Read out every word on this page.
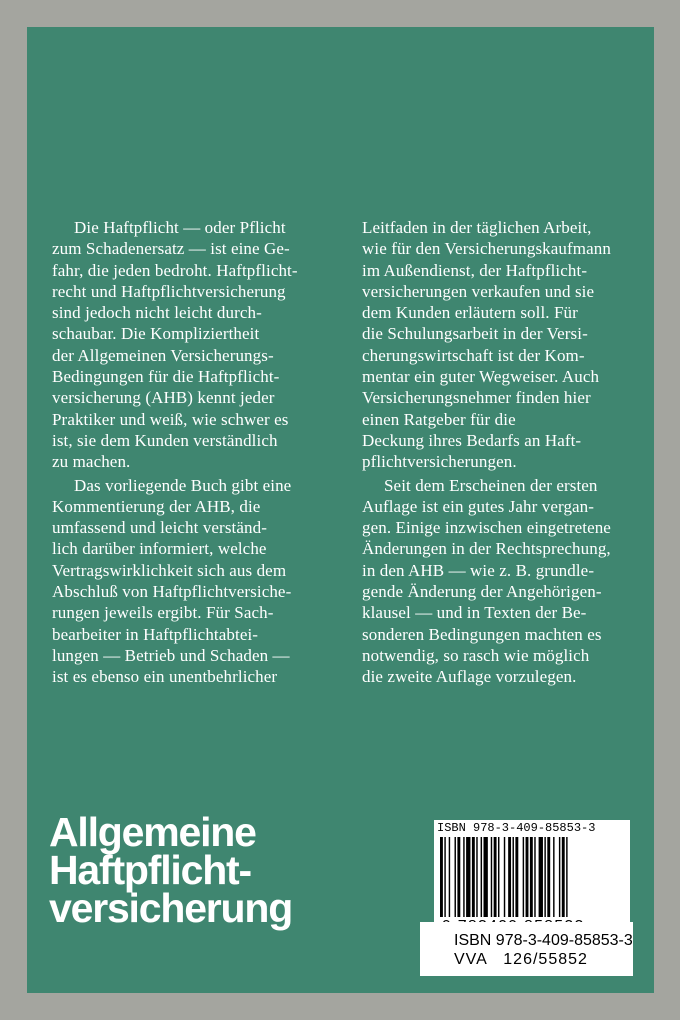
Die Haftpflicht — oder Pflicht
zum Schadenersatz — ist eine Ge-
fahr, die jeden bedroht. Haftpflicht-
recht und Haftpflichtversicherung
sind jedoch nicht leicht durch-
schaubar. Die Kompliziertheit
der Allgemeinen Versicherungs-
Bedingungen für die Haftpflicht-
versicherung (AHB) kennt jeder
Praktiker und weiß, wie schwer es
ist, sie dem Kunden verständlich
zu machen.
Das vorliegende Buch gibt eine
Kommentierung der AHB, die
umfassend und leicht verständ-
lich darüber informiert, welche
Vertragswirklichkeit sich aus dem
Abschluß von Haftpflichtversiche-
rungen jeweils ergibt. Für Sach-
bearbeiter in Haftpflichtabtei-
lungen — Betrieb und Schaden —
ist es ebenso ein unentbehrlicher
Leitfaden in der täglichen Arbeit,
wie für den Versicherungskaufmann
im Außendienst, der Haftpflicht-
versicherungen verkaufen und sie
dem Kunden erläutern soll. Für
die Schulungsarbeit in der Versi-
cherungswirtschaft ist der Kom-
mentar ein guter Wegweiser. Auch
Versicherungsnehmer finden hier
einen Ratgeber für die
Deckung ihres Bedarfs an Haft-
pflichtversicherungen.
Seit dem Erscheinen der ersten
Auflage ist ein gutes Jahr vergan-
gen. Einige inzwischen eingetretene
Änderungen in der Rechtsprechung,
in den AHB — wie z. B. grundle-
gende Änderung der Angehörigen-
klausel — und in Texten der Be-
sonderen Bedingungen machten es
notwendig, so rasch wie möglich
die zweite Auflage vorzulegen.
Allgemeine
Haftpflicht-
versicherung
ISBN 978-3-409-85853-3
ISBN 978-3-409-85853-3
VVA   126/55852
